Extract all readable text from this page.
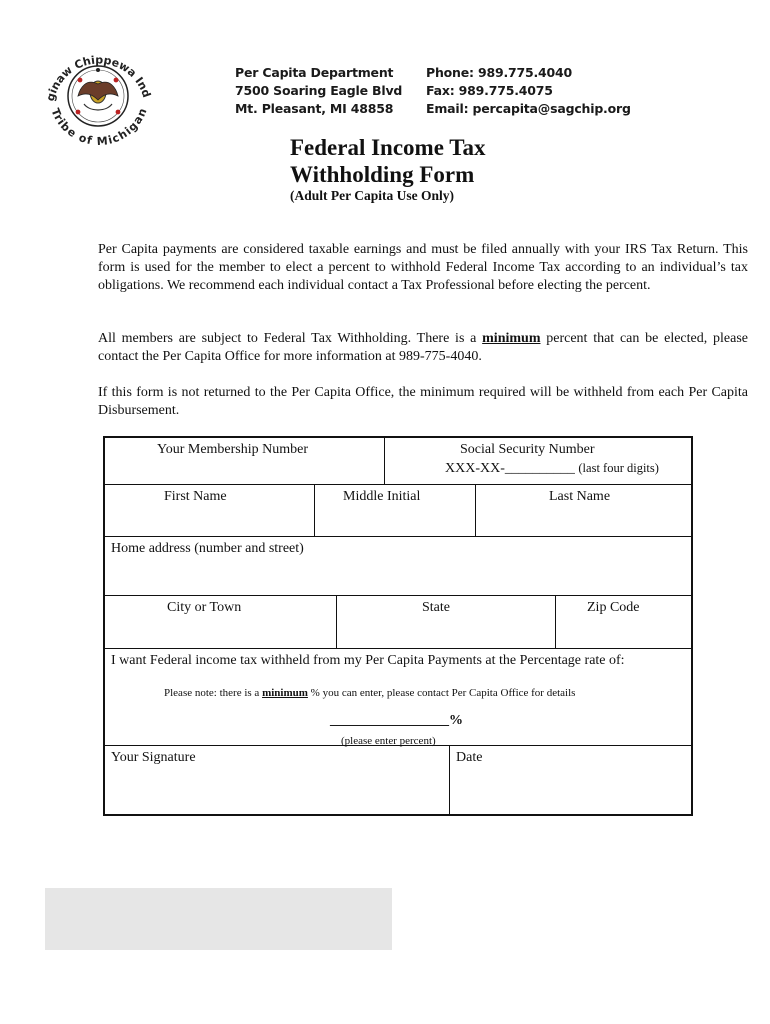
ginaw Chippewa Ind
Tribe of Michigan
Per Capita Department
7500 Soaring Eagle Blvd
Mt. Pleasant, MI 48858
Phone: 989.775.4040
Fax: 989.775.4075
Email: percapita@sagchip.org
Federal Income Tax
Withholding Form
(Adult Per Capita Use Only)
Per Capita payments are considered taxable earnings and must be filed annually with your IRS Tax Return. This form is used for the member to elect a percent to withhold Federal Income Tax according to an individual’s tax obligations. We recommend each individual contact a Tax Professional before electing the percent.
All members are subject to Federal Tax Withholding. There is a minimum percent that can be elected, please contact the Per Capita Office for more information at 989-775-4040.
If this form is not returned to the Per Capita Office, the minimum required will be withheld from each Per Capita Disbursement.
Your Membership Number	Social Security Number
XXX-XX-__________ (last four digits)
First Name	Middle Initial	Last Name
Home address (number and street)
City or Town	State	Zip Code
I want Federal income tax withheld from my Per Capita Payments at the Percentage rate of:
Please note: there is a minimum % you can enter, please contact Per Capita Office for details
_________________%
(please enter percent)
Your Signature	Date
